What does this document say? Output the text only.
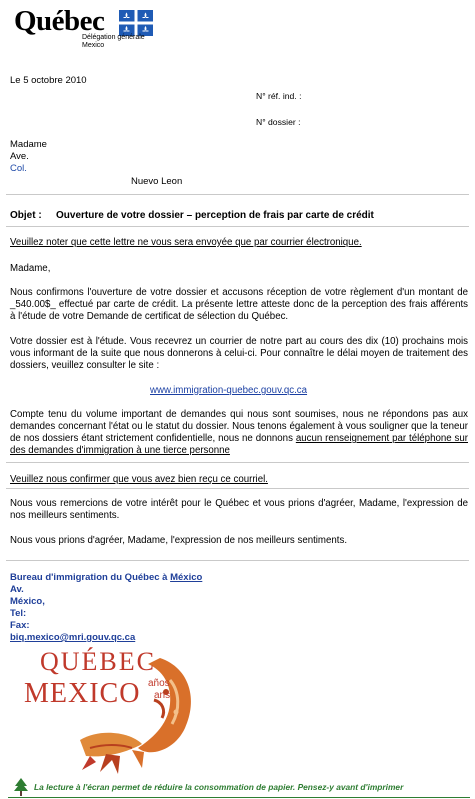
Québec
Délégation générale
Mexico
Le 5 octobre 2010
N° réf. ind. :
N° dossier :
Madame
Ave.
Col.
Nuevo Leon
Objet : Ouverture de votre dossier – perception de frais par carte de crédit
Veuillez noter que cette lettre ne vous sera envoyée que par courrier électronique.
Madame,
Nous confirmons l'ouverture de votre dossier et accusons réception de votre règlement d'un montant de _540.00$_ effectué par carte de crédit. La présente lettre atteste donc de la perception des frais afférents à l'étude de votre Demande de certificat de sélection du Québec.
Votre dossier est à l'étude. Vous recevrez un courrier de notre part au cours des dix (10) prochains mois vous informant de la suite que nous donnerons à celui-ci. Pour connaître le délai moyen de traitement des dossiers, veuillez consulter le site :
www.immigration-quebec.gouv.qc.ca
Compte tenu du volume important de demandes qui nous sont soumises, nous ne répondons pas aux demandes concernant l'état ou le statut du dossier. Nous tenons également à vous souligner que la teneur de nos dossiers étant strictement confidentielle, nous ne donnons aucun renseignement par téléphone sur des demandes d'immigration à une tierce personne
Veuillez nous confirmer que vous avez bien reçu ce courriel.
Nous vous remercions de votre intérêt pour le Québec et vous prions d'agréer, Madame, l'expression de nos meilleurs sentiments.
Nous vous prions d'agréer, Madame, l'expression de nos meilleurs sentiments.
Bureau d'immigration du Québec à México
Av.
México,
Tel:
Fax:
biq.mexico@mri.gouv.qc.ca
QUÉBEC
MEXICO años
ans
La lecture à l'écran permet de réduire la consommation de papier. Pensez-y avant d'imprimer
